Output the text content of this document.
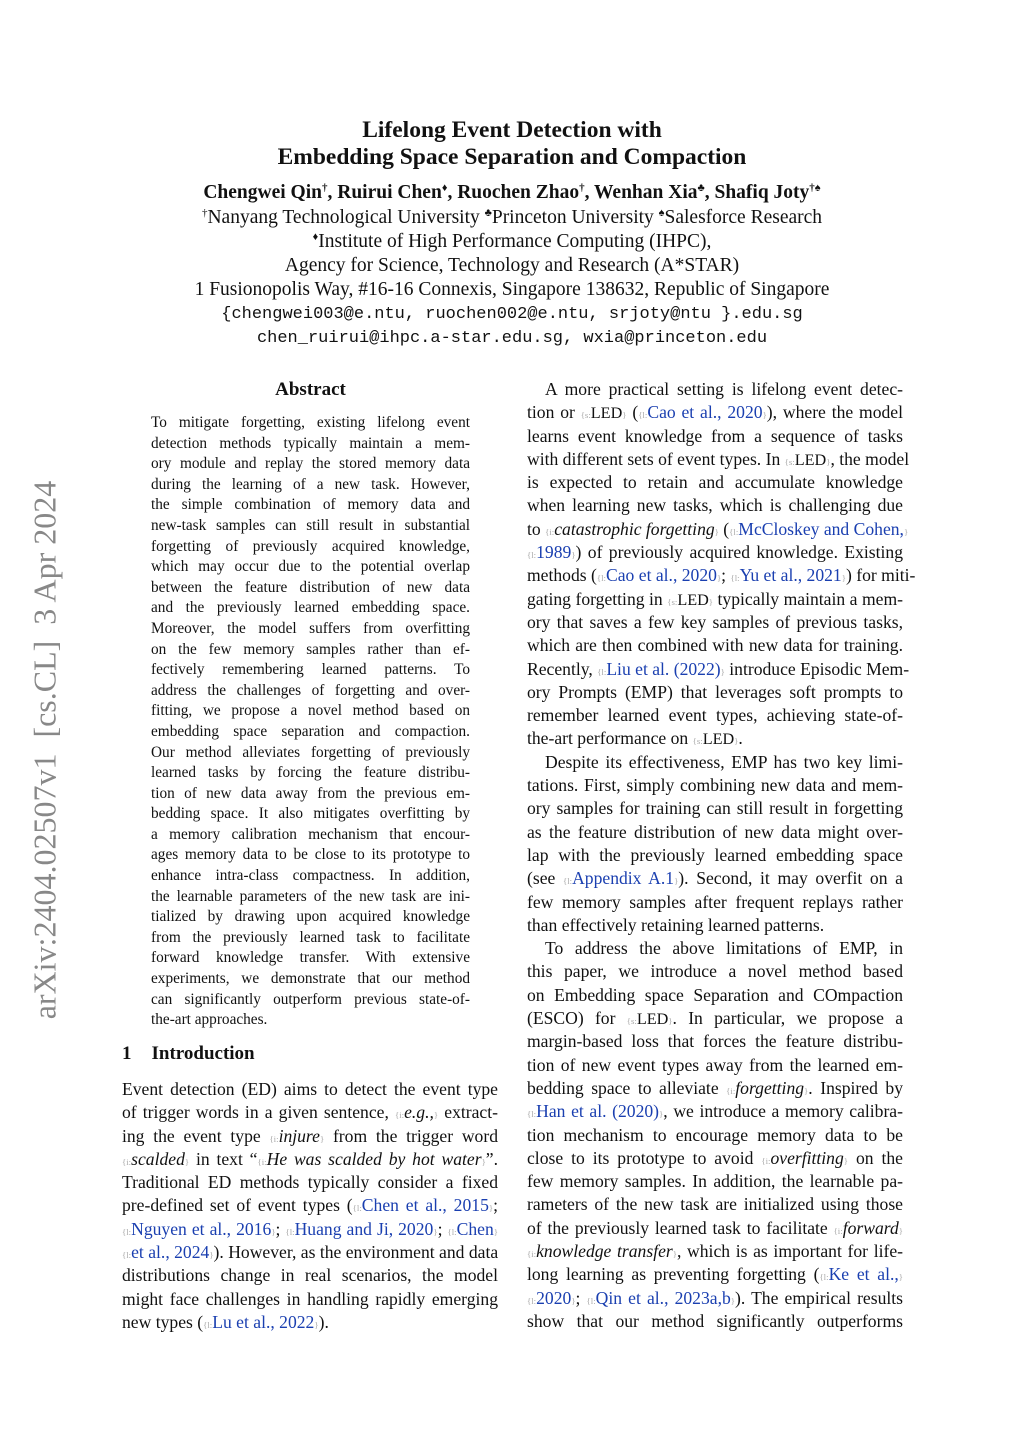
arXiv:2404.02507v1  [cs.CL]  3 Apr 2024
Lifelong Event Detection with
Embedding Space Separation and Compaction
Chengwei Qin†, Ruirui Chen♦, Ruochen Zhao†, Wenhan Xia♣, Shafiq Joty†♠
†Nanyang Technological University ♣Princeton University ♠Salesforce Research
♦Institute of High Performance Computing (IHPC),
Agency for Science, Technology and Research (A*STAR)
1 Fusionopolis Way, #16-16 Connexis, Singapore 138632, Republic of Singapore
{chengwei003@e.ntu, ruochen002@e.ntu, srjoty@ntu }.edu.sg
chen_ruirui@ihpc.a-star.edu.sg, wxia@princeton.edu
Abstract
To mitigate forgetting, existing lifelong event
detection methods typically maintain a mem-
ory module and replay the stored memory data
during the learning of a new task. However,
the simple combination of memory data and
new-task samples can still result in substantial
forgetting of previously acquired knowledge,
which may occur due to the potential overlap
between the feature distribution of new data
and the previously learned embedding space.
Moreover, the model suffers from overfitting
on the few memory samples rather than ef-
fectively remembering learned patterns. To
address the challenges of forgetting and over-
fitting, we propose a novel method based on
embedding space separation and compaction.
Our method alleviates forgetting of previously
learned tasks by forcing the feature distribu-
tion of new data away from the previous em-
bedding space. It also mitigates overfitting by
a memory calibration mechanism that encour-
ages memory data to be close to its prototype to
enhance intra-class compactness. In addition,
the learnable parameters of the new task are ini-
tialized by drawing upon acquired knowledge
from the previously learned task to facilitate
forward knowledge transfer. With extensive
experiments, we demonstrate that our method
can significantly outperform previous state-of-
the-art approaches.
1 Introduction
Event detection (ED) aims to detect the event type
of trigger words in a given sentence, {i:e.g.,} extract-
ing the event type {i:injure} from the trigger word
{i:scalded} in text “{i:He was scalded by hot water}”.
Traditional ED methods typically consider a fixed
pre-defined set of event types ({l:Chen et al., 2015};
{l:Nguyen et al., 2016}; {l:Huang and Ji, 2020}; {l:Chen}
{l:et al., 2024}). However, as the environment and data
distributions change in real scenarios, the model
might face challenges in handling rapidly emerging
new types ({l:Lu et al., 2022}).
A more practical setting is lifelong event detec-
tion or {s:LED} ({l:Cao et al., 2020}), where the model
learns event knowledge from a sequence of tasks
with different sets of event types. In {s:LED}, the model
is expected to retain and accumulate knowledge
when learning new tasks, which is challenging due
to {i:catastrophic forgetting} ({l:McCloskey and Cohen,}
{l:1989}) of previously acquired knowledge. Existing
methods ({l:Cao et al., 2020}; {l:Yu et al., 2021}) for miti-
gating forgetting in {s:LED} typically maintain a mem-
ory that saves a few key samples of previous tasks,
which are then combined with new data for training.
Recently, {l:Liu et al. (2022)} introduce Episodic Mem-
ory Prompts (EMP) that leverages soft prompts to
remember learned event types, achieving state-of-
the-art performance on {s:LED}.
Despite its effectiveness, EMP has two key limi-
tations. First, simply combining new data and mem-
ory samples for training can still result in forgetting
as the feature distribution of new data might over-
lap with the previously learned embedding space
(see {l:Appendix A.1}). Second, it may overfit on a
few memory samples after frequent replays rather
than effectively retaining learned patterns.
To address the above limitations of EMP, in
this paper, we introduce a novel method based
on Embedding space Separation and COmpaction
(ESCO) for {s:LED}. In particular, we propose a
margin-based loss that forces the feature distribu-
tion of new event types away from the learned em-
bedding space to alleviate {i:forgetting}. Inspired by
{l:Han et al. (2020)}, we introduce a memory calibra-
tion mechanism to encourage memory data to be
close to its prototype to avoid {i:overfitting} on the
few memory samples. In addition, the learnable pa-
rameters of the new task are initialized using those
of the previously learned task to facilitate {i:forward}
{i:knowledge transfer}, which is as important for life-
long learning as preventing forgetting ({l:Ke et al.,}
{l:2020}; {l:Qin et al., 2023a,b}). The empirical results
show that our method significantly outperforms
